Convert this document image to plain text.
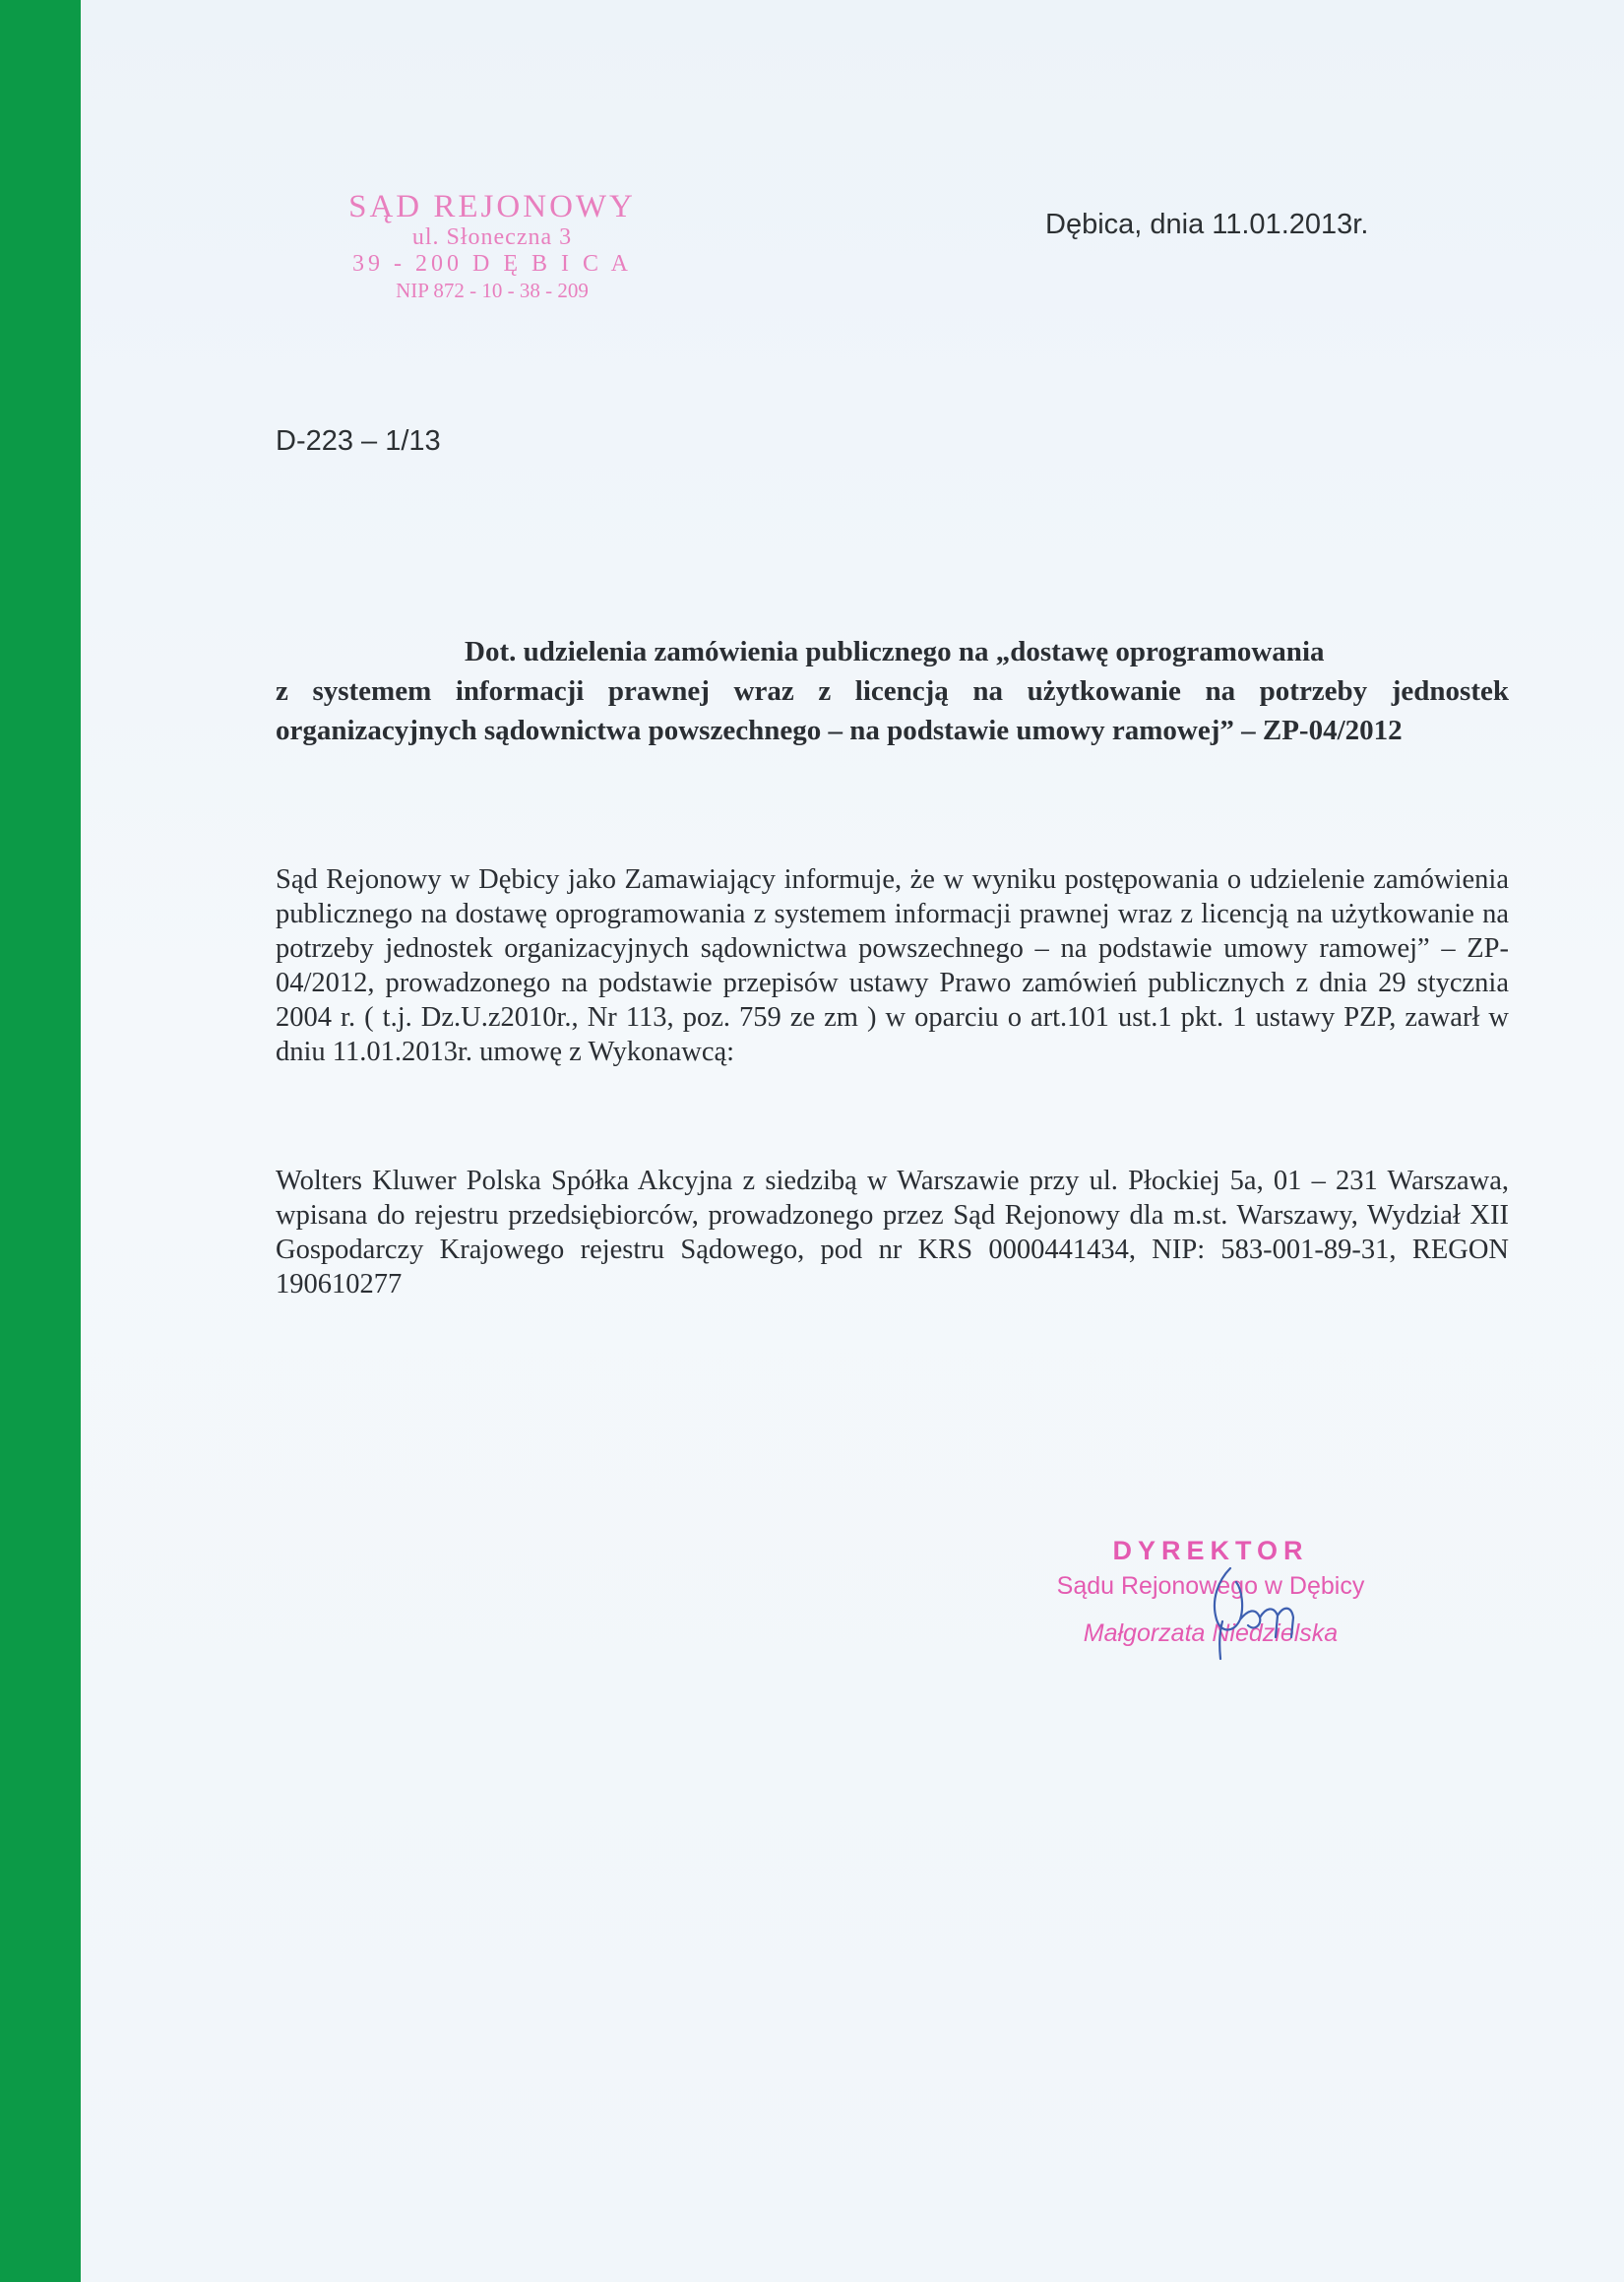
SĄD REJONOWY
ul. Słoneczna 3
39 - 200 D Ę B I C A
NIP 872 - 10 - 38 - 209
Dębica, dnia 11.01.2013r.
D-223 – 1/13
Dot. udzielenia zamówienia publicznego na „dostawę oprogramowania
z systemem informacji prawnej wraz z licencją na użytkowanie na potrzeby jednostek organizacyjnych sądownictwa powszechnego – na podstawie umowy ramowej” – ZP-04/2012
Sąd Rejonowy w Dębicy jako Zamawiający informuje, że w wyniku postępowania o udzielenie zamówienia publicznego na dostawę oprogramowania z systemem informacji prawnej wraz z licencją na użytkowanie na potrzeby jednostek organizacyjnych sądownictwa powszechnego – na podstawie umowy ramowej” – ZP-04/2012, prowadzonego na podstawie przepisów ustawy Prawo zamówień publicznych z dnia 29 stycznia 2004 r. ( t.j. Dz.U.z2010r., Nr 113, poz. 759 ze zm ) w oparciu o art.101 ust.1 pkt. 1 ustawy PZP, zawarł w dniu 11.01.2013r. umowę z Wykonawcą:
Wolters Kluwer Polska Spółka Akcyjna z siedzibą w Warszawie przy ul. Płockiej 5a, 01 – 231 Warszawa, wpisana do rejestru przedsiębiorców, prowadzonego przez Sąd Rejonowy dla m.st. Warszawy, Wydział XII Gospodarczy Krajowego rejestru Sądowego, pod nr KRS 0000441434, NIP: 583-001-89-31, REGON 190610277
DYREKTOR
Sądu Rejonowego w Dębicy
Małgorzata Niedzielska
